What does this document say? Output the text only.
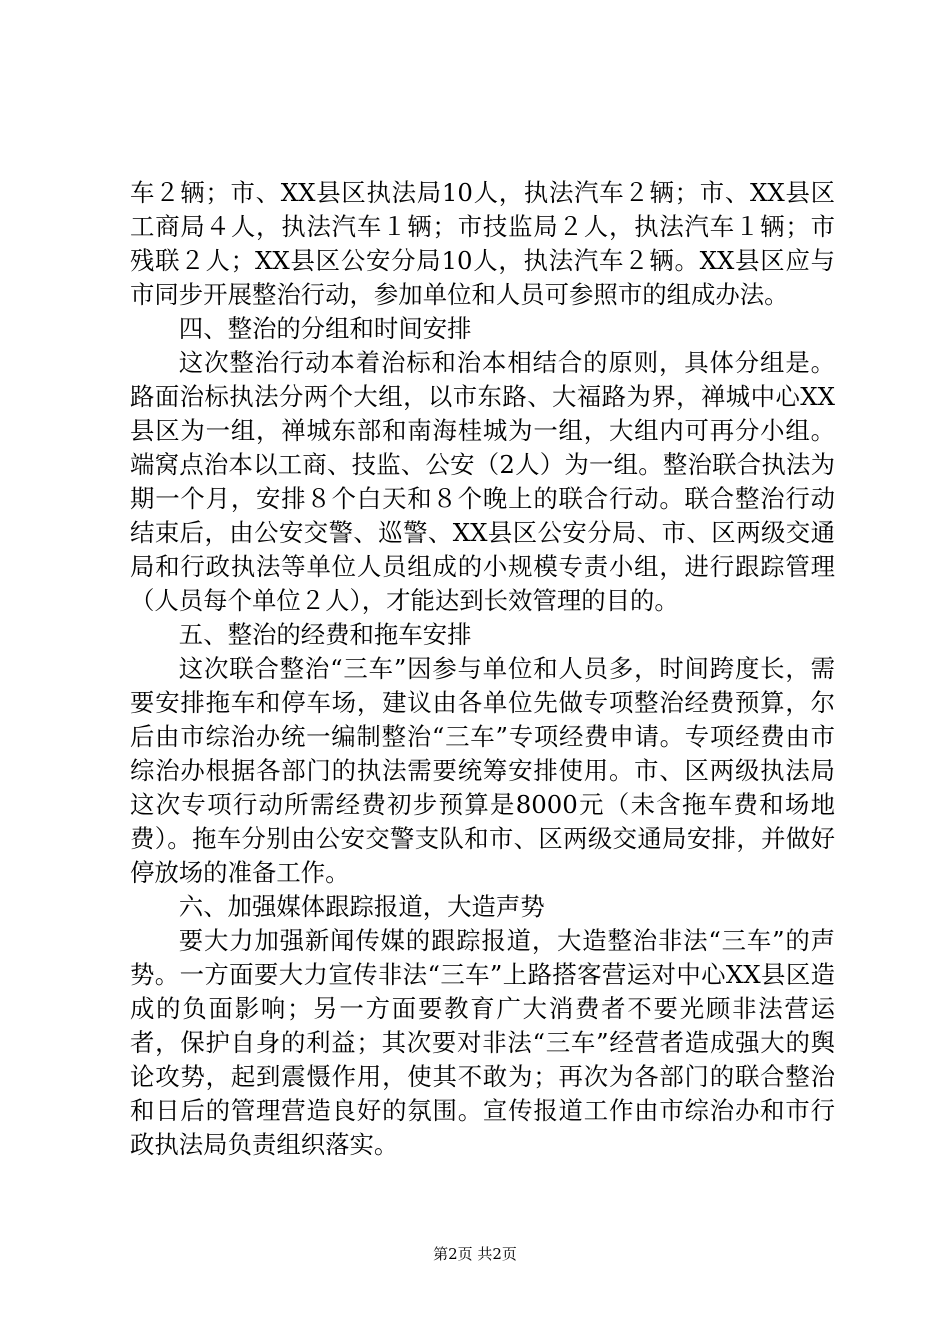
车２辆；市、XX县区执法局10人，执法汽车２辆；市、XX县区工商局４人，执法汽车１辆；市技监局２人，执法汽车１辆；市残联２人；XX县区公安分局10人，执法汽车２辆。XX县区应与市同步开展整治行动，参加单位和人员可参照市的组成办法。

四、整治的分组和时间安排

这次整治行动本着治标和治本相结合的原则，具体分组是。路面治标执法分两个大组，以市东路、大福路为界，禅城中心XX县区为一组，禅城东部和南海桂城为一组，大组内可再分小组。端窝点治本以工商、技监、公安（2人）为一组。整治联合执法为期一个月，安排８个白天和８个晚上的联合行动。联合整治行动结束后，由公安交警、巡警、XX县区公安分局、市、区两级交通局和行政执法等单位人员组成的小规模专责小组，进行跟踪管理（人员每个单位２人），才能达到长效管理的目的。

五、整治的经费和拖车安排

这次联合整治“三车”因参与单位和人员多，时间跨度长，需要安排拖车和停车场，建议由各单位先做专项整治经费预算，尔后由市综治办统一编制整治“三车”专项经费申请。专项经费由市综治办根据各部门的执法需要统筹安排使用。市、区两级执法局这次专项行动所需经费初步预算是8000元（未含拖车费和场地费）。拖车分别由公安交警支队和市、区两级交通局安排，并做好停放场的准备工作。

六、加强媒体跟踪报道，大造声势

要大力加强新闻传媒的跟踪报道，大造整治非法“三车”的声势。一方面要大力宣传非法“三车”上路搭客营运对中心XX县区造成的负面影响；另一方面要教育广大消费者不要光顾非法营运者，保护自身的利益；其次要对非法“三车”经营者造成强大的舆论攻势，起到震慑作用，使其不敢为；再次为各部门的联合整治和日后的管理营造良好的氛围。宣传报道工作由市综治办和市行政执法局负责组织落实。

第2页 共2页
